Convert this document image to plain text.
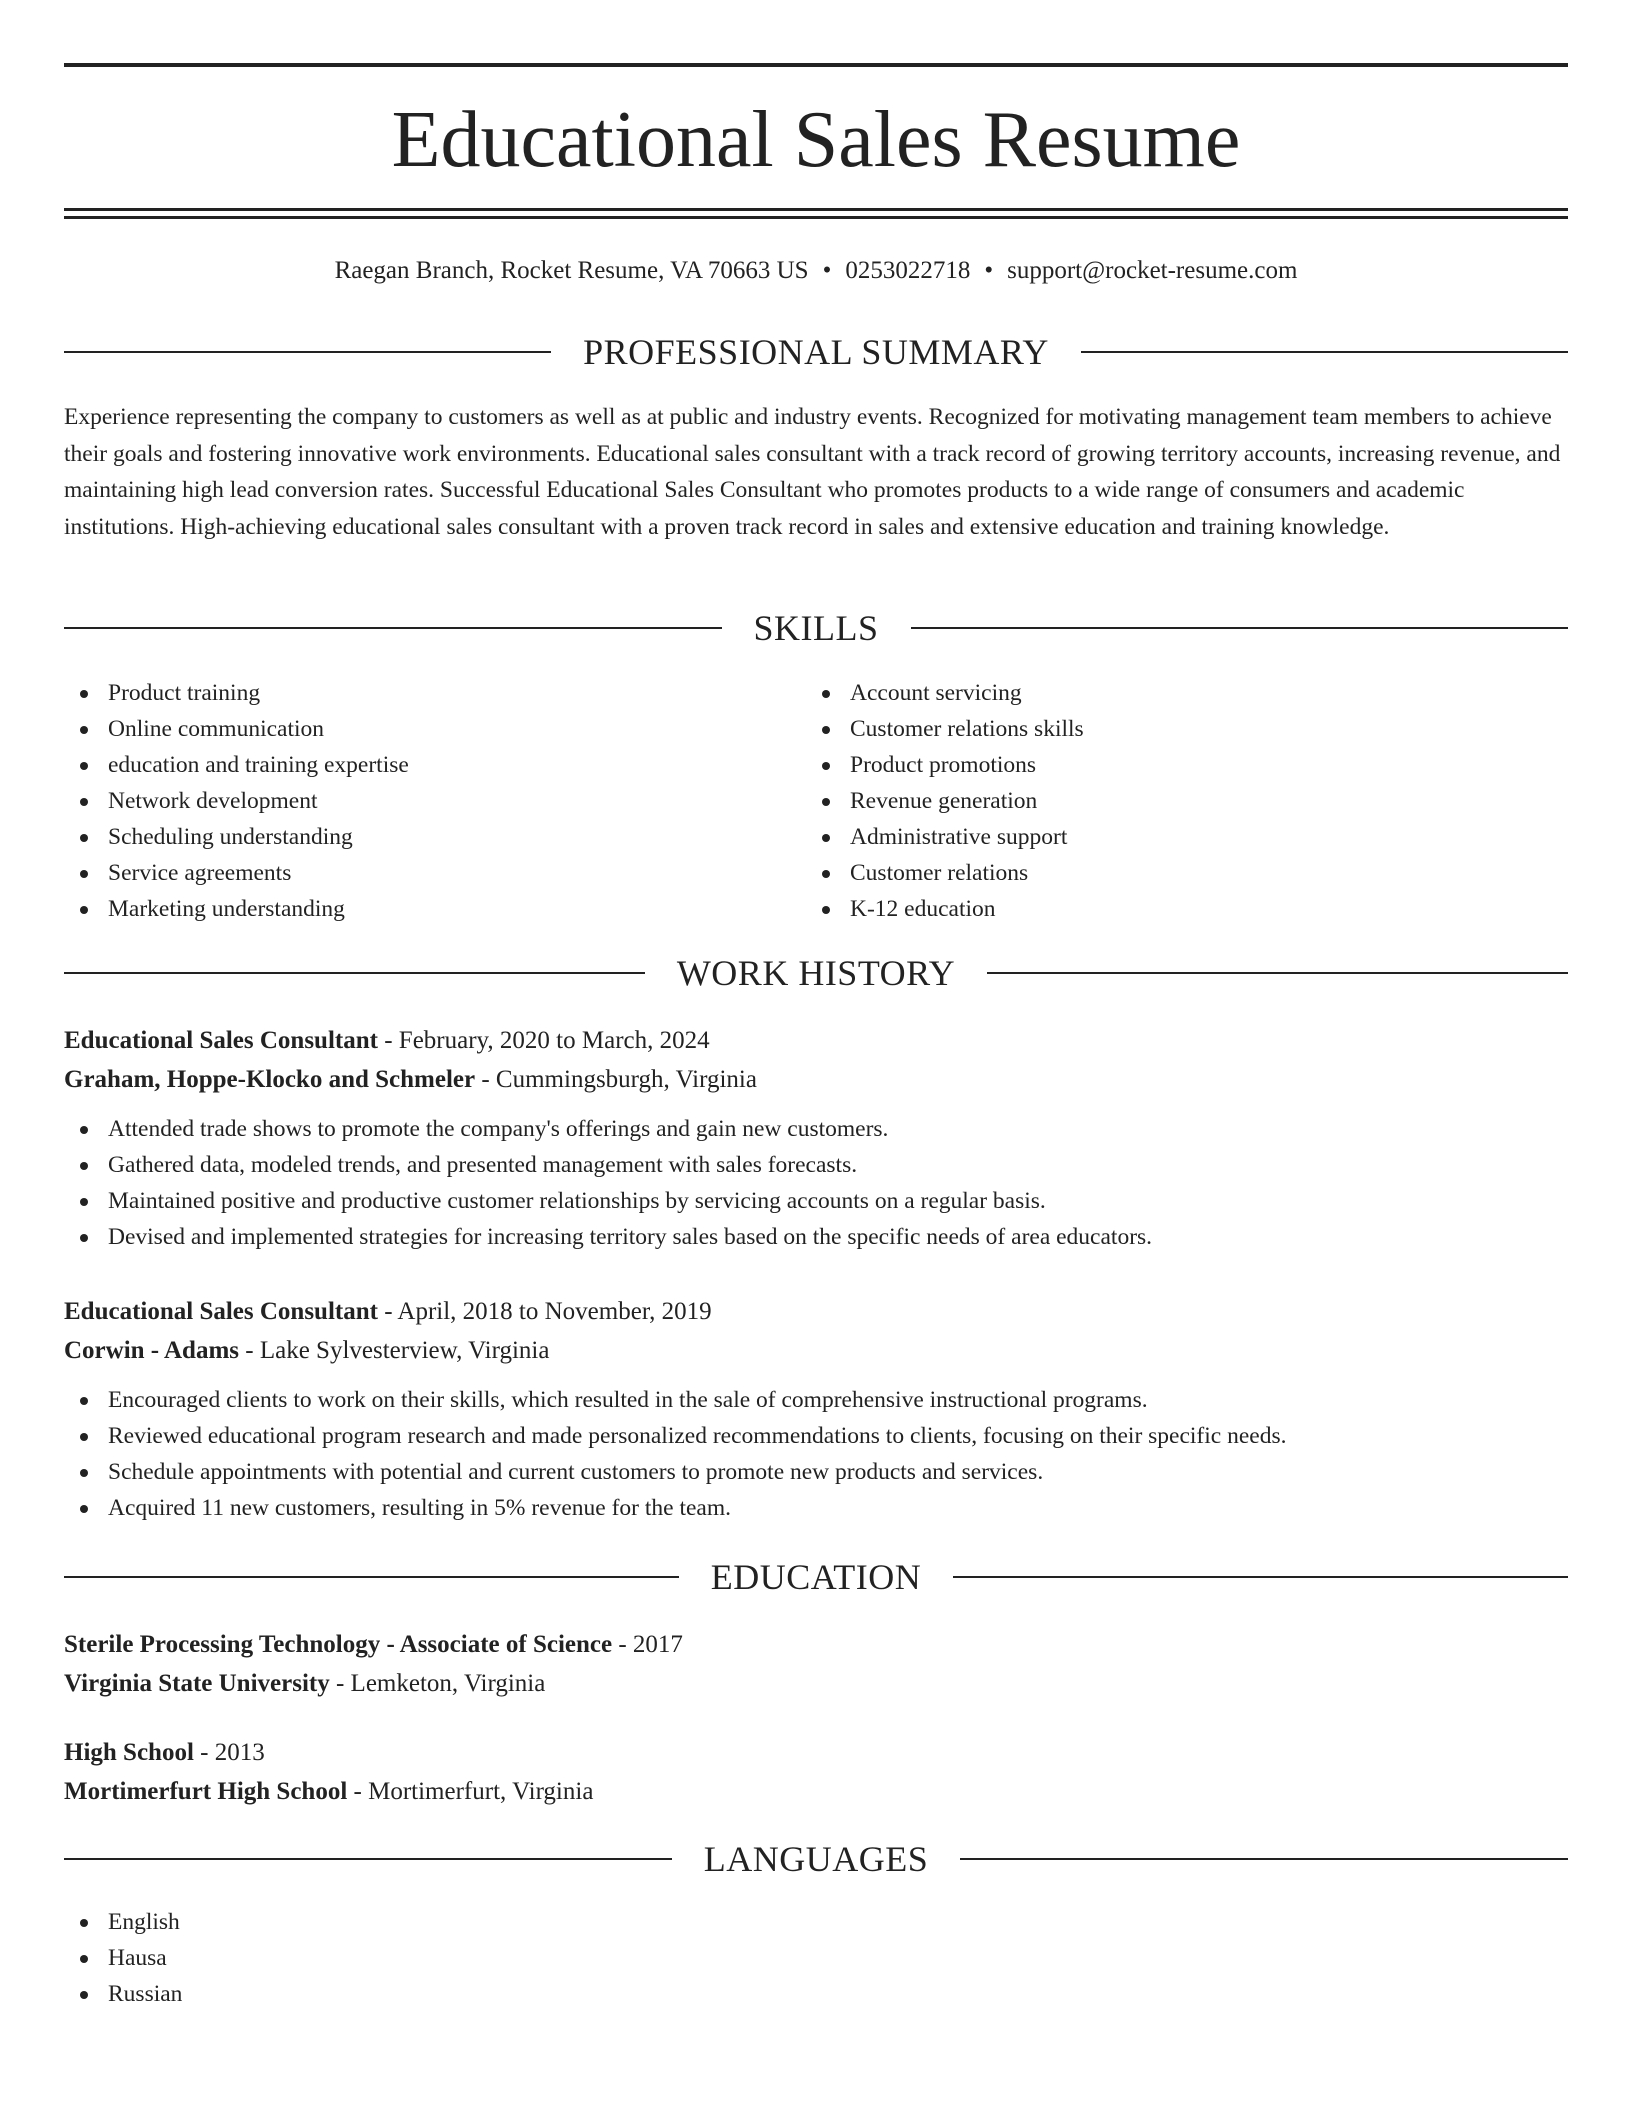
Educational Sales Resume
Raegan Branch, Rocket Resume, VA 70663 US • 0253022718 • support@rocket-resume.com
PROFESSIONAL SUMMARY
Experience representing the company to customers as well as at public and industry events. Recognized for motivating management team members to achieve their goals and fostering innovative work environments. Educational sales consultant with a track record of growing territory accounts, increasing revenue, and maintaining high lead conversion rates. Successful Educational Sales Consultant who promotes products to a wide range of consumers and academic institutions. High-achieving educational sales consultant with a proven track record in sales and extensive education and training knowledge.
SKILLS
Product training
Online communication
education and training expertise
Network development
Scheduling understanding
Service agreements
Marketing understanding
Account servicing
Customer relations skills
Product promotions
Revenue generation
Administrative support
Customer relations
K-12 education
WORK HISTORY
Educational Sales Consultant - February, 2020 to March, 2024
Graham, Hoppe-Klocko and Schmeler - Cummingsburgh, Virginia
Attended trade shows to promote the company's offerings and gain new customers.
Gathered data, modeled trends, and presented management with sales forecasts.
Maintained positive and productive customer relationships by servicing accounts on a regular basis.
Devised and implemented strategies for increasing territory sales based on the specific needs of area educators.
Educational Sales Consultant - April, 2018 to November, 2019
Corwin - Adams - Lake Sylvesterview, Virginia
Encouraged clients to work on their skills, which resulted in the sale of comprehensive instructional programs.
Reviewed educational program research and made personalized recommendations to clients, focusing on their specific needs.
Schedule appointments with potential and current customers to promote new products and services.
Acquired 11 new customers, resulting in 5% revenue for the team.
EDUCATION
Sterile Processing Technology - Associate of Science - 2017
Virginia State University - Lemketon, Virginia
High School - 2013
Mortimerfurt High School - Mortimerfurt, Virginia
LANGUAGES
English
Hausa
Russian
